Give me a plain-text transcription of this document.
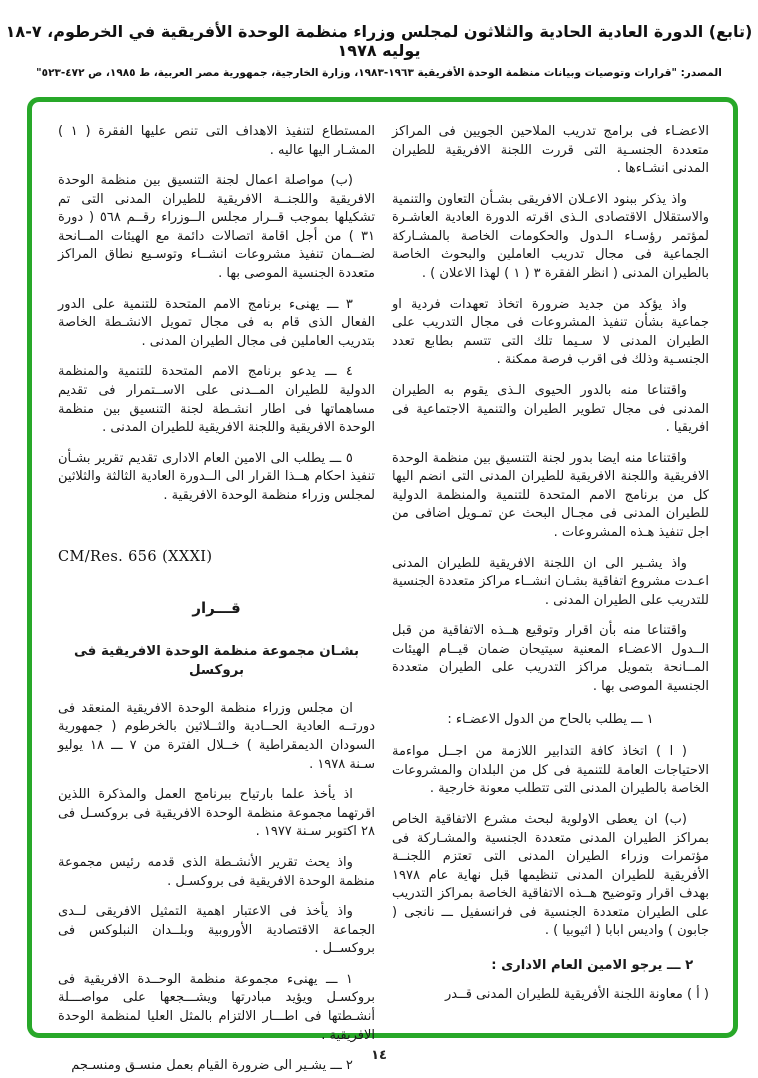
(تابع) الدورة العادية الحادية والثلاثون لمجلس وزراء منظمة الوحدة الأفريقية في الخرطوم، ٧-١٨ يوليه ١٩٧٨
المصدر: "قرارات وتوصيات وبيانات منظمة الوحدة الأفريقية ١٩٦٣-١٩٨٣، وزارة الخارجية، جمهورية مصر العربية، ط ١٩٨٥، ص ٤٧٢-٥٢٣"

الاعضـاء فى برامج تدريب الملاحين الجويين فى المراكز متعددة الجنسـية التى قررت اللجنة الافريقية للطيران المدنى انشـاءها .

واذ يذكر ببنود الاعـلان الافريقى بشـأن التعاون والتنمية والاستقلال الاقتصادى الـذى اقرته الدورة العادية العاشـرة لمؤتمر رؤسـاء الـدول والحكومات الخاصة بالمشـاركة الجماعية فى مجال تدريب العاملين والبحوث الخاصة بالطيران المدنى ( انظر الفقرة ٣ ( ١ ) لهذا الاعلان ) .

واذ يؤكد من جديد ضرورة اتخاذ تعهدات فردية او جماعية بشأن تنفيذ المشروعات فى مجال التدريب على الطيران المدنى لا سـيما تلك التى تتسم بطابع تعدد الجنسـية وذلك فى اقرب فرصة ممكنة .

واقتناعا منه بالدور الحيوى الـذى يقوم به الطيران المدنى فى مجال تطوير الطيران والتنمية الاجتماعية فى افريقيا .

واقتناعا منه ايضا بدور لجنة التنسيق بين منظمة الوحدة الافريقية واللجنة الافريقية للطيران المدنى التى انضم اليها كل من برنامج الامم المتحدة للتنمية والمنظمة الدولية للطيران المدنى فى مجـال البحث عن تمـويل اضافى من اجل تنفيذ هـذه المشروعات .

واذ يشـير الى ان اللجنة الافريقية للطيران المدنى اعـدت مشروع اتفاقية بشـان انشــاء مراكز متعددة الجنسية للتدريب على الطيران المدنى .

واقتناعا منه بأن اقرار وتوقيع هــذه الاتفاقية من قبل الــدول الاعضـاء المعنية سيتيحان ضمان قيــام الهيئات المــانحة بتمويل مراكز التدريب على الطيران متعددة الجنسية الموصى بها .

١ ـــ يطلب بالحاح من الدول الاعضـاء :

( ا ) اتخاذ كافة التدابير اللازمة من اجــل مواءمة الاحتياجات العامة للتنمية فى كل من البلدان والمشروعات الخاصة بالطيران المدنى التى تتطلب معونة خارجية .

(ب) ان يعطى الاولوية لبحث مشرع الاتفاقية الخاص بمراكز الطيران المدنى متعددة الجنسية والمشـاركة فى مؤتمرات وزراء الطيران المدنى التى تعتزم اللجنــة الأفريقية للطيران المدنى تنظيمها قبل نهاية عام ١٩٧٨ بهدف اقرار وتوضيح هــذه الاتفاقية الخاصة بمراكز التدريب على الطيران متعددة الجنسية فى فرانسفيل ـــ نانجى ( جابون ) واديس ابابا ( اثيوبيا ) .

٢ ـــ يرجو الامين العام الادارى :

( أ ) معاونة اللجنة الأفريقية للطيران المدنى قــدر

المستطاع لتنفيذ الاهداف التى تنص عليها الفقرة ( ١ ) المشـار اليها عاليه .

(ب) مواصلة اعمال لجنة التنسيق بين منظمة الوحدة الافريقية واللجنــة الافريقية للطيران المدنى التى تم تشكيلها بموجب قــرار مجلس الــوزراء رقــم ٥٦٨ ( دورة ٣١ ) من أجل اقامة اتصالات دائمة مع الهيئات المــانحة لضــمان تنفيذ مشروعات انشــاء وتوسـيع نطاق المراكز متعددة الجنسية الموصى بها .

٣ ـــ يهنىء برنامج الامم المتحدة للتنمية على الدور الفعال الذى قام به فى مجال تمويل الانشـطة الخاصة بتدريب العاملين فى مجال الطيران المدنى .

٤ ـــ يدعو برنامج الامم المتحدة للتنمية والمنظمة الدولية للطيران المــدنى على الاســتمرار فى تقديم مساهماتها فى اطار انشـطة لجنة التنسيق بين منظمة الوحدة الافريقية واللجنة الافريقية للطيران المدنى .

٥ ـــ يطلب الى الامين العام الادارى تقديم تقرير بشـأن تنفيذ احكام هــذا القرار الى الــدورة العادية الثالثة والثلاثين لمجلس وزراء منظمة الوحدة الافريقية .

CM/Res. 656 (XXXI)

قـــرار

بشـان مجموعة منظمة الوحدة الافريقية فى بروكسل

ان مجلس وزراء منظمة الوحدة الافريقية المنعقد فى دورتــه العادية الحــادية والثــلاثين بالخرطوم ( جمهورية السودان الديمقراطية ) خــلال الفترة من ٧ ـــ ١٨ يوليو سـنة ١٩٧٨ .

اذ يأخذ علما بارتياح ببرنامج العمل والمذكرة اللذين اقرتهما مجموعة منظمة الوحدة الافريقية فى بروكسـل فى ٢٨ اكتوبر سـنة ١٩٧٧ .

واذ يحث تقرير الأنشـطة الذى قدمه رئيس مجموعة منظمة الوحدة الافريقية فى بروكسـل .

واذ يأخذ فى الاعتبار اهمية التمثيل الافريقى لــدى الجماعة الاقتصادية الأوروبية وبلــدان النبلوكس فى بروكســل .

١ ـــ يهنىء مجموعة منظمة الوحــدة الافريقية فى بروكسـل ويؤيد مبادرتها ويشـــجعها على مواصـــلة أنشـطتها فى اطـــار الالتزام بالمثل العليا لمنظمة الوحدة الافريقية .

٢ ـــ يشـير الى ضرورة القيام بعمل منسـق ومنسـجم

١٤
